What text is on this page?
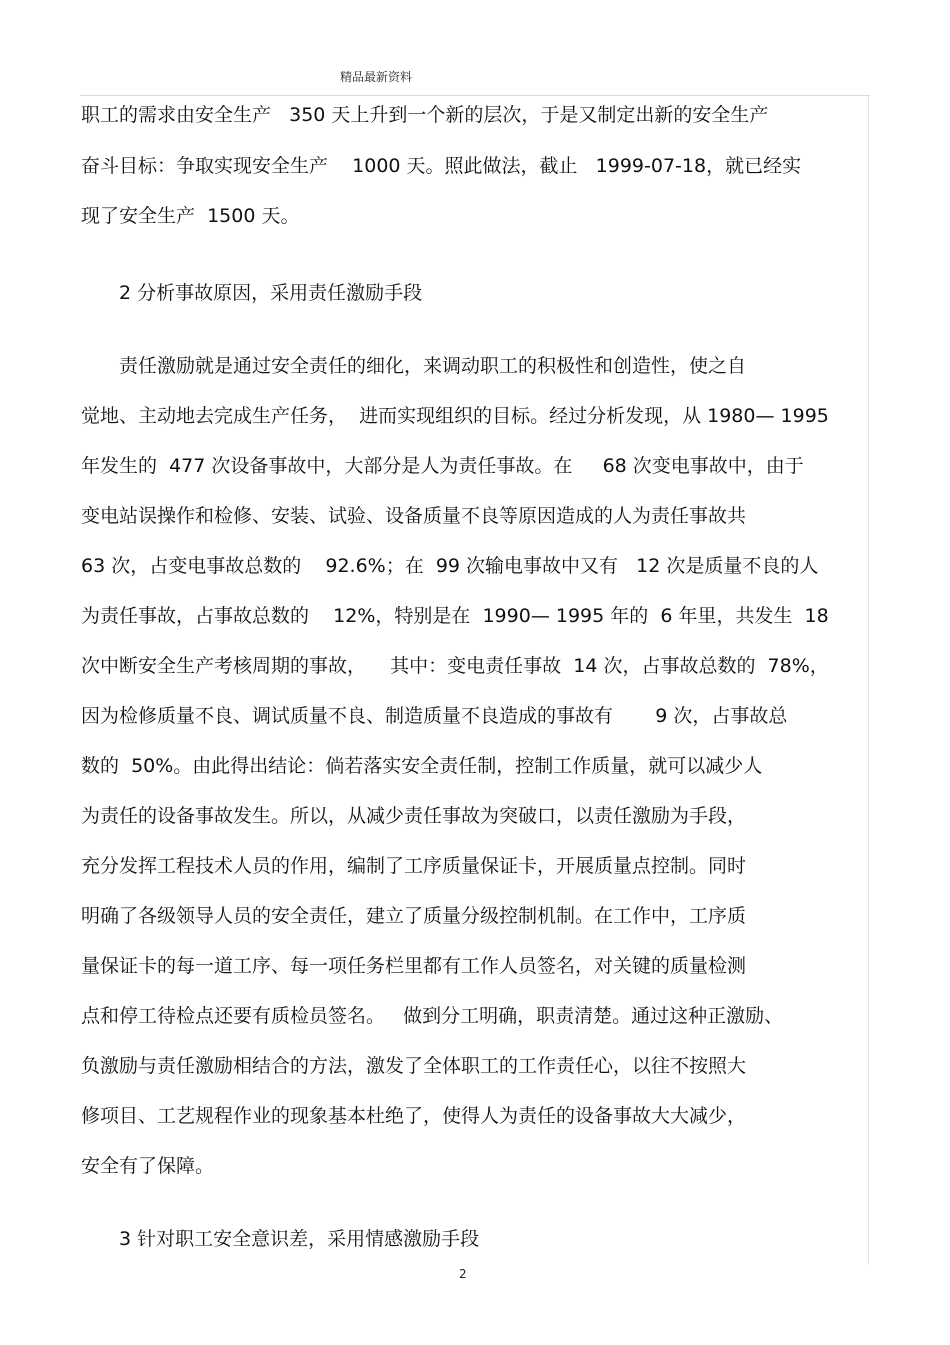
精品最新资料
职工的需求由安全生产   350 天上升到一个新的层次，于是又制定出新的安全生产
奋斗目标：争取实现安全生产    1000 天。照此做法，截止   1999-07-18，就已经实
现了安全生产  1500 天。
2 分析事故原因，采用责任激励手段
责任激励就是通过安全责任的细化，来调动职工的积极性和创造性，使之自
觉地、主动地去完成生产任务，  进而实现组织的目标。经过分析发现，从 1980— 1995
年发生的  477 次设备事故中，大部分是人为责任事故。在     68 次变电事故中，由于
变电站误操作和检修、安装、试验、设备质量不良等原因造成的人为责任事故共
63 次，占变电事故总数的    92.6%；在  99 次输电事故中又有   12 次是质量不良的人
为责任事故，占事故总数的    12%，特别是在  1990— 1995 年的  6 年里，共发生  18
次中断安全生产考核周期的事故，    其中：变电责任事故  14 次，占事故总数的  78%，
因为检修质量不良、调试质量不良、制造质量不良造成的事故有       9 次，占事故总
数的  50%。由此得出结论：倘若落实安全责任制，控制工作质量，就可以减少人
为责任的设备事故发生。所以，从减少责任事故为突破口，以责任激励为手段，
充分发挥工程技术人员的作用，编制了工序质量保证卡，开展质量点控制。同时
明确了各级领导人员的安全责任，建立了质量分级控制机制。在工作中，工序质
量保证卡的每一道工序、每一项任务栏里都有工作人员签名，对关键的质量检测
点和停工待检点还要有质检员签名。   做到分工明确，职责清楚。通过这种正激励、
负激励与责任激励相结合的方法，激发了全体职工的工作责任心，以往不按照大
修项目、工艺规程作业的现象基本杜绝了，使得人为责任的设备事故大大减少，
安全有了保障。
3 针对职工安全意识差，采用情感激励手段
2
